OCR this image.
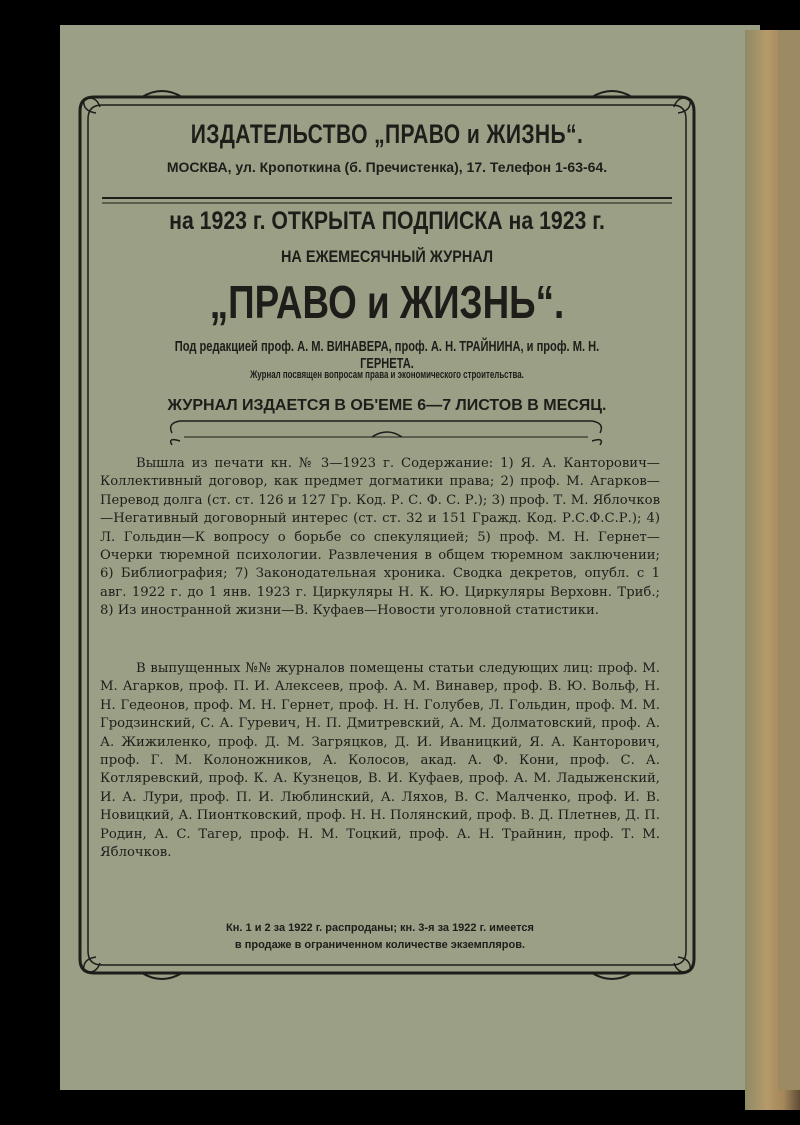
ИЗДАТЕЛЬСТВО „ПРАВО и ЖИЗНЬ“.
МОСКВА, ул. Кропоткина (б. Пречистенка), 17. Телефон 1-63-64.
на 1923 г. ОТКРЫТА ПОДПИСКА на 1923 г.
НА ЕЖЕМЕСЯЧНЫЙ ЖУРНАЛ
„ПРАВО и ЖИЗНЬ“.
Под редакцией проф. А. М. ВИНАВЕРА, проф. А. Н. ТРАЙНИНА, и проф. М. Н. ГЕРНЕТА.
Журнал посвящен вопросам права и экономического строительства.
ЖУРНАЛ ИЗДАЕТСЯ В ОБ'ЕМЕ 6—7 ЛИСТОВ В МЕСЯЦ.

Вышла из печати кн. № 3—1923 г. Содержание: 1) Я. А. Канторович—Коллективный договор, как предмет догматики права; 2) проф. М. Агарков—Перевод долга (ст. ст. 126 и 127 Гр. Код. Р. С. Ф. С. Р.); 3) проф. Т. М. Яблочков—Негативный договорный интерес (ст. ст. 32 и 151 Гражд. Код. Р.С.Ф.С.Р.); 4) Л. Гольдин—К вопросу о борьбе со спекуляцией; 5) проф. М. Н. Гернет—Очерки тюремной психологии. Развлечения в общем тюремном заключении; 6) Библиография; 7) Законодательная хроника. Сводка декретов, опубл. с 1 авг. 1922 г. до 1 янв. 1923 г. Циркуляры Н. К. Ю. Циркуляры Верховн. Триб.; 8) Из иностранной жизни—В. Куфаев—Новости уголовной статистики.

В выпущенных №№ журналов помещены статьи следующих лиц: проф. М. М. Агарков, проф. П. И. Алексеев, проф. А. М. Винавер, проф. В. Ю. Вольф, Н. Н. Гедеонов, проф. М. Н. Гернет, проф. Н. Н. Голубев, Л. Гольдин, проф. М. М. Гродзинский, С. А. Гуревич, Н. П. Дмитревский, А. М. Долматовский, проф. А. А. Жижиленко, проф. Д. М. Загряцков, Д. И. Иваницкий, Я. А. Канторович, проф. Г. М. Колоножников, А. Колосов, акад. А. Ф. Кони, проф. С. А. Котляревский, проф. К. А. Кузнецов, В. И. Куфаев, проф. А. М. Ладыженский, И. А. Лури, проф. П. И. Люблинский, А. Ляхов, В. С. Малченко, проф. И. В. Новицкий, А. Пионтковский, проф. Н. Н. Полянский, проф. В. Д. Плетнев, Д. П. Родин, А. С. Тагер, проф. Н. М. Тоцкий, проф. А. Н. Трайнин, проф. Т. М. Яблочков.

Кн. 1 и 2 за 1922 г. распроданы; кн. 3-я за 1922 г. имеется
в продаже в ограниченном количестве экземпляров.
